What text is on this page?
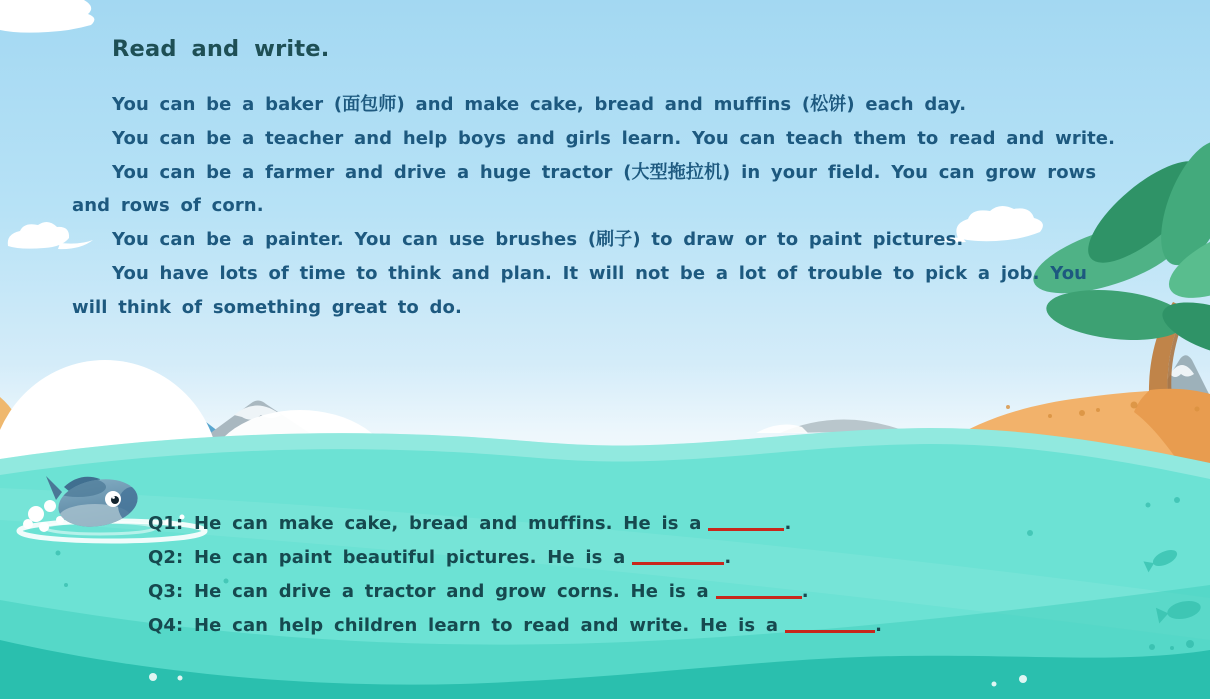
Read and write.

You can be a baker (面包师) and make cake, bread and muffins (松饼) each day.

You can be a teacher and help boys and girls learn. You can teach them to read and write.

You can be a farmer and drive a huge tractor (大型拖拉机) in your field. You can grow rows and rows of corn.

You can be a painter. You can use brushes (刷子) to draw or to paint pictures.

You have lots of time to think and plan. It will not be a lot of trouble to pick a job. You will think of something great to do.

Q1: He can make cake, bread and muffins. He is a	.

Q2: He can paint beautiful pictures. He is a	.

Q3: He can drive a tractor and grow corns. He is a	.

Q4: He can help children learn to read and write. He is a	.
